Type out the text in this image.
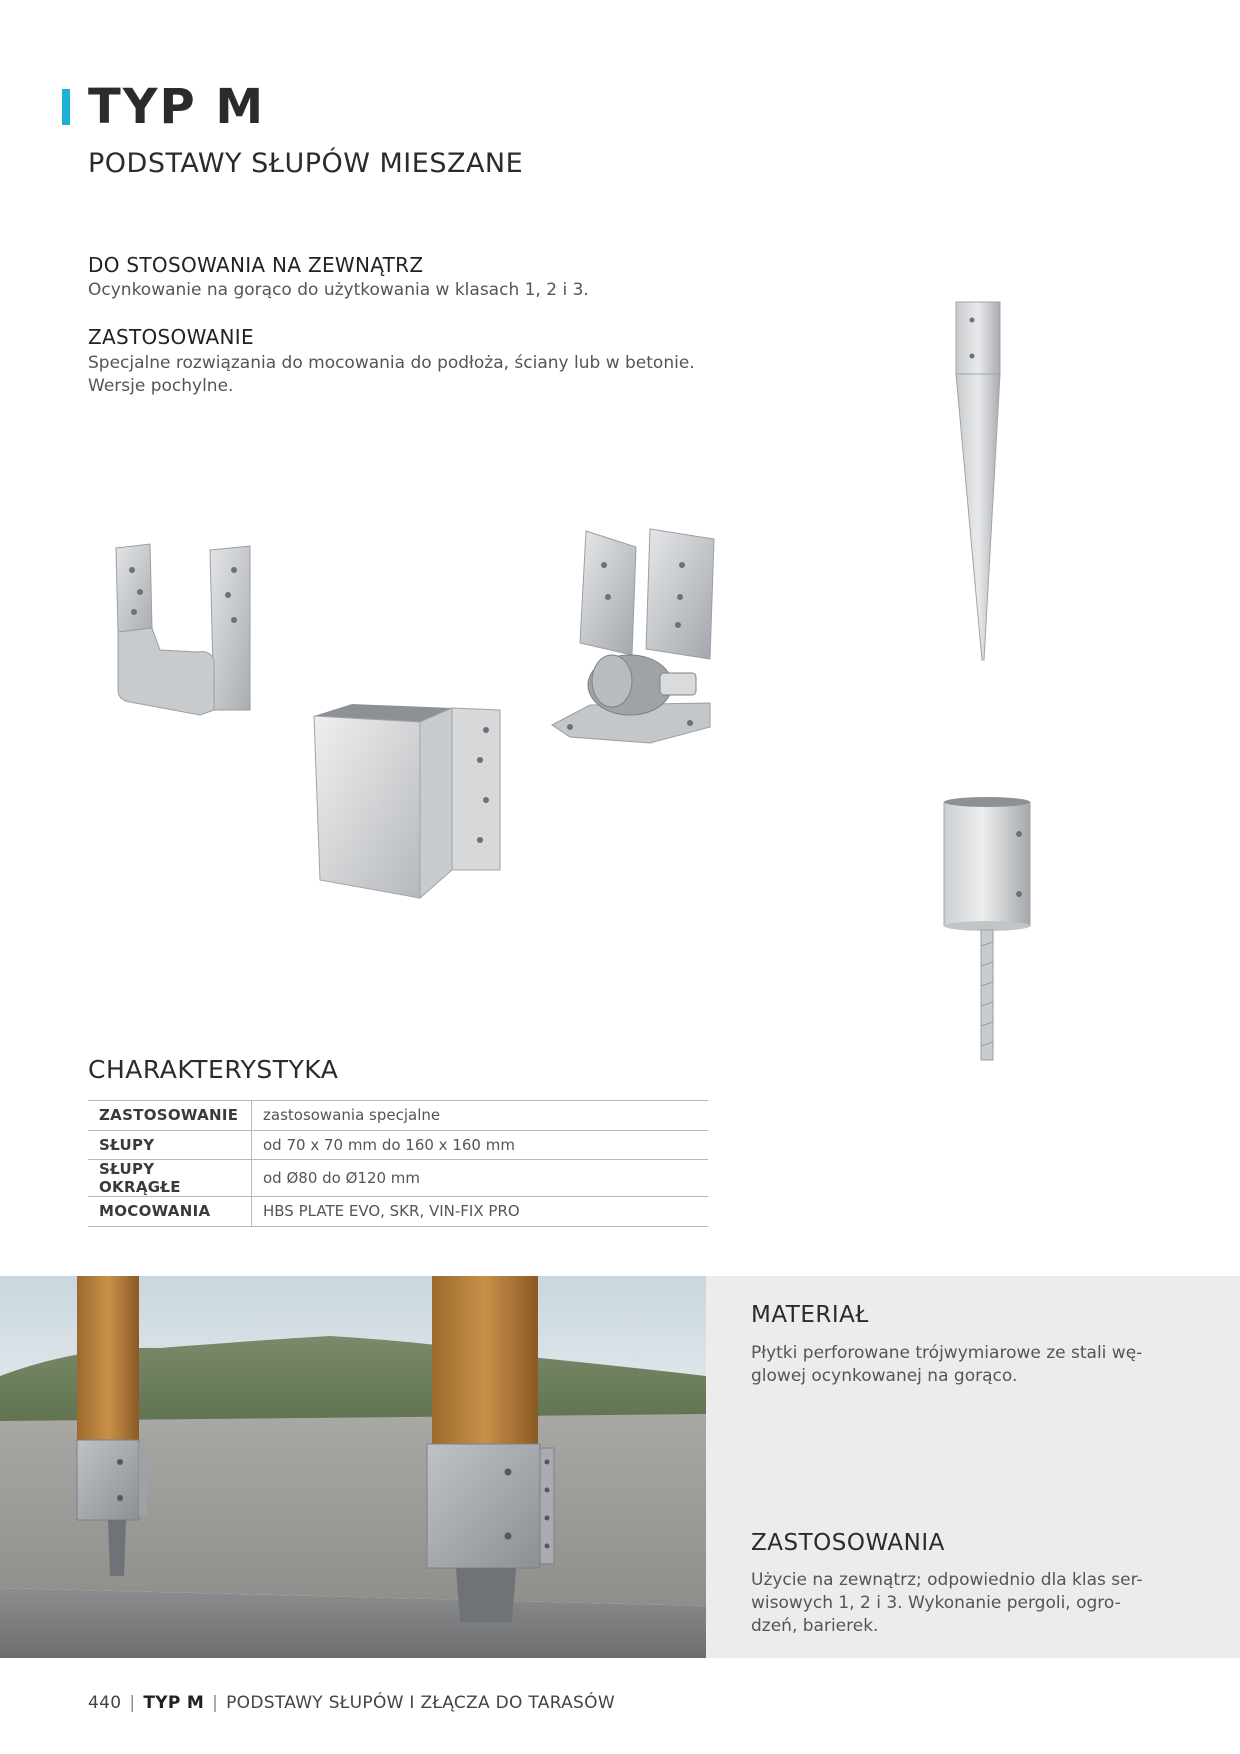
TYP M
PODSTAWY SŁUPÓW MIESZANE
DO STOSOWANIA NA ZEWNĄTRZ
Ocynkowanie na gorąco do użytkowania w klasach 1, 2 i 3.
ZASTOSOWANIE
Specjalne rozwiązania do mocowania do podłoża, ściany lub w betonie.
Wersje pochylne.
CHARAKTERYSTYKA
ZASTOSOWANIE	zastosowania specjalne
SŁUPY	od 70 x 70 mm do 160 x 160 mm
SŁUPY OKRĄGŁE	od Ø80 do Ø120 mm
MOCOWANIA	HBS PLATE EVO, SKR, VIN-FIX PRO
MATERIAŁ
Płytki perforowane trójwymiarowe ze stali wę-
glowej ocynkowanej na gorąco.
ZASTOSOWANIA
Użycie na zewnątrz; odpowiednio dla klas ser-
wisowych 1, 2 i 3. Wykonanie pergoli, ogro-
dzeń, barierek.
440 | TYP M | PODSTAWY SŁUPÓW I ZŁĄCZA DO TARASÓW
